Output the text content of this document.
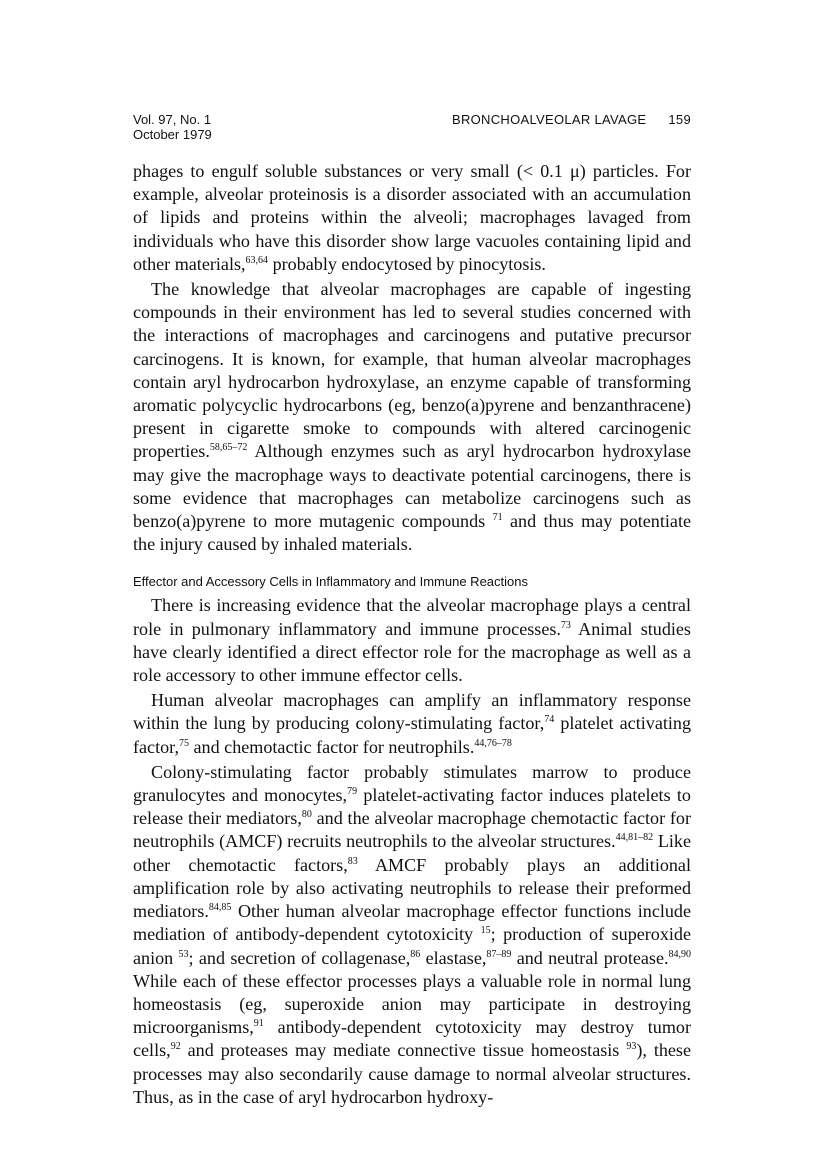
Vol. 97, No. 1
October 1979
BRONCHOALVEOLAR LAVAGE 159

phages to engulf soluble substances or very small (< 0.1 μ) particles. For example, alveolar proteinosis is a disorder associated with an accumulation of lipids and proteins within the alveoli; macrophages lavaged from individuals who have this disorder show large vacuoles containing lipid and other materials,$^{63,64}$ probably endocytosed by pinocytosis.

The knowledge that alveolar macrophages are capable of ingesting compounds in their environment has led to several studies concerned with the interactions of macrophages and carcinogens and putative precursor carcinogens. It is known, for example, that human alveolar macrophages contain aryl hydrocarbon hydroxylase, an enzyme capable of transforming aromatic polycyclic hydrocarbons (eg, benzo(a)pyrene and benzanthracene) present in cigarette smoke to compounds with altered carcinogenic properties.$^{58,65-72}$ Although enzymes such as aryl hydrocarbon hydroxylase may give the macrophage ways to deactivate potential carcinogens, there is some evidence that macrophages can metabolize carcinogens such as benzo(a)pyrene to more mutagenic compounds $^{71}$ and thus may potentiate the injury caused by inhaled materials.

Effector and Accessory Cells in Inflammatory and Immune Reactions

There is increasing evidence that the alveolar macrophage plays a central role in pulmonary inflammatory and immune processes.$^{73}$ Animal studies have clearly identified a direct effector role for the macrophage as well as a role accessory to other immune effector cells.

Human alveolar macrophages can amplify an inflammatory response within the lung by producing colony-stimulating factor,$^{74}$ platelet activating factor,$^{75}$ and chemotactic factor for neutrophils.$^{44,76-78}$

Colony-stimulating factor probably stimulates marrow to produce granulocytes and monocytes,$^{79}$ platelet-activating factor induces platelets to release their mediators,$^{80}$ and the alveolar macrophage chemotactic factor for neutrophils (AMCF) recruits neutrophils to the alveolar structures.$^{44,81-82}$ Like other chemotactic factors,$^{83}$ AMCF probably plays an additional amplification role by also activating neutrophils to release their preformed mediators.$^{84,85}$ Other human alveolar macrophage effector functions include mediation of antibody-dependent cytotoxicity $^{15}$; production of superoxide anion $^{53}$; and secretion of collagenase,$^{86}$ elastase,$^{87-89}$ and neutral protease.$^{84,90}$ While each of these effector processes plays a valuable role in normal lung homeostasis (eg, superoxide anion may participate in destroying microorganisms,$^{91}$ antibody-dependent cytotoxicity may destroy tumor cells,$^{92}$ and proteases may mediate connective tissue homeostasis $^{93}$), these processes may also secondarily cause damage to normal alveolar structures. Thus, as in the case of aryl hydrocarbon hydroxy-
